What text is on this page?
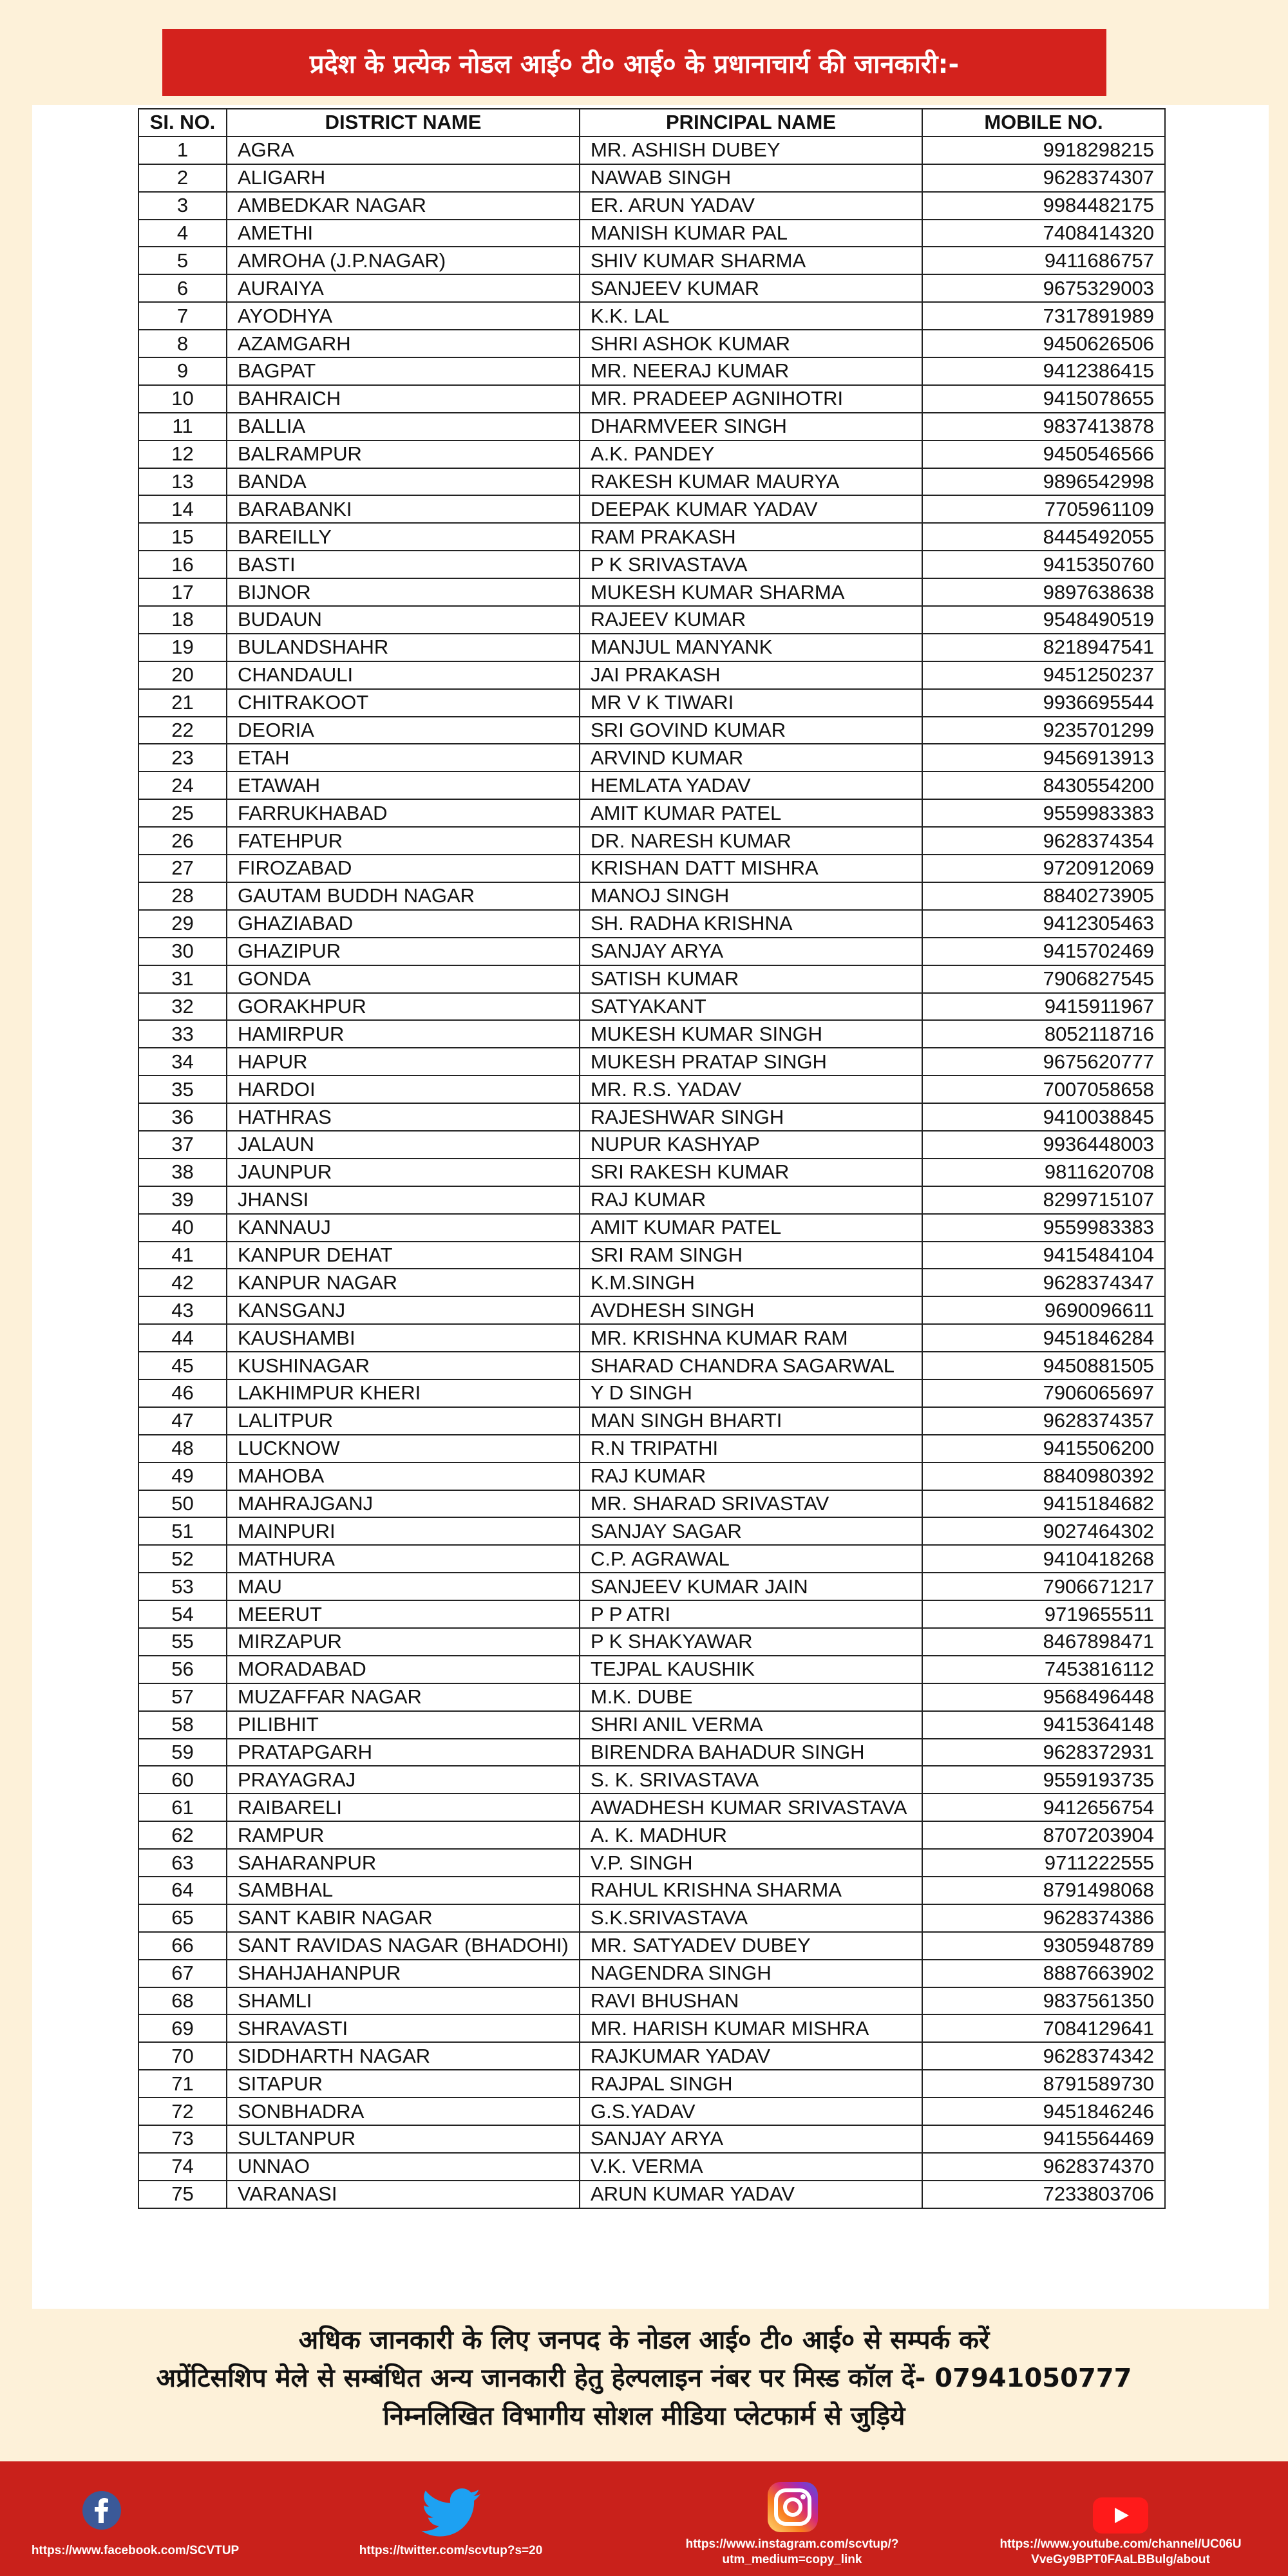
प्रदेश के प्रत्येक नोडल आई० टी० आई० के प्रधानाचार्य की जानकारी:-
SI. NO.	DISTRICT NAME	PRINCIPAL NAME	MOBILE NO.
1	AGRA	MR. ASHISH DUBEY	9918298215
2	ALIGARH	NAWAB SINGH	9628374307
3	AMBEDKAR NAGAR	ER. ARUN YADAV	9984482175
4	AMETHI	MANISH KUMAR PAL	7408414320
5	AMROHA (J.P.NAGAR)	SHIV KUMAR SHARMA	9411686757
6	AURAIYA	SANJEEV KUMAR	9675329003
7	AYODHYA	K.K. LAL	7317891989
8	AZAMGARH	SHRI ASHOK KUMAR	9450626506
9	BAGPAT	MR. NEERAJ KUMAR	9412386415
10	BAHRAICH	MR. PRADEEP AGNIHOTRI	9415078655
11	BALLIA	DHARMVEER SINGH	9837413878
12	BALRAMPUR	A.K. PANDEY	9450546566
13	BANDA	RAKESH KUMAR MAURYA	9896542998
14	BARABANKI	DEEPAK KUMAR YADAV	7705961109
15	BAREILLY	RAM PRAKASH	8445492055
16	BASTI	P K SRIVASTAVA	9415350760
17	BIJNOR	MUKESH KUMAR SHARMA	9897638638
18	BUDAUN	RAJEEV KUMAR	9548490519
19	BULANDSHAHR	MANJUL MANYANK	8218947541
20	CHANDAULI	JAI PRAKASH	9451250237
21	CHITRAKOOT	MR V K TIWARI	9936695544
22	DEORIA	SRI GOVIND KUMAR	9235701299
23	ETAH	ARVIND KUMAR	9456913913
24	ETAWAH	HEMLATA YADAV	8430554200
25	FARRUKHABAD	AMIT KUMAR PATEL	9559983383
26	FATEHPUR	DR. NARESH KUMAR	9628374354
27	FIROZABAD	KRISHAN DATT MISHRA	9720912069
28	GAUTAM BUDDH NAGAR	MANOJ SINGH	8840273905
29	GHAZIABAD	SH. RADHA KRISHNA	9412305463
30	GHAZIPUR	SANJAY ARYA	9415702469
31	GONDA	SATISH KUMAR	7906827545
32	GORAKHPUR	SATYAKANT	9415911967
33	HAMIRPUR	MUKESH KUMAR SINGH	8052118716
34	HAPUR	MUKESH PRATAP SINGH	9675620777
35	HARDOI	MR. R.S. YADAV	7007058658
36	HATHRAS	RAJESHWAR SINGH	9410038845
37	JALAUN	NUPUR KASHYAP	9936448003
38	JAUNPUR	SRI RAKESH KUMAR	9811620708
39	JHANSI	RAJ KUMAR	8299715107
40	KANNAUJ	AMIT KUMAR PATEL	9559983383
41	KANPUR DEHAT	SRI RAM SINGH	9415484104
42	KANPUR NAGAR	K.M.SINGH	9628374347
43	KANSGANJ	AVDHESH SINGH	9690096611
44	KAUSHAMBI	MR. KRISHNA KUMAR RAM	9451846284
45	KUSHINAGAR	SHARAD CHANDRA SAGARWAL	9450881505
46	LAKHIMPUR KHERI	Y D SINGH	7906065697
47	LALITPUR	MAN SINGH BHARTI	9628374357
48	LUCKNOW	R.N TRIPATHI	9415506200
49	MAHOBA	RAJ KUMAR	8840980392
50	MAHRAJGANJ	MR. SHARAD SRIVASTAV	9415184682
51	MAINPURI	SANJAY SAGAR	9027464302
52	MATHURA	C.P. AGRAWAL	9410418268
53	MAU	SANJEEV KUMAR JAIN	7906671217
54	MEERUT	P P ATRI	9719655511
55	MIRZAPUR	P K SHAKYAWAR	8467898471
56	MORADABAD	TEJPAL KAUSHIK	7453816112
57	MUZAFFAR NAGAR	M.K. DUBE	9568496448
58	PILIBHIT	SHRI ANIL VERMA	9415364148
59	PRATAPGARH	BIRENDRA BAHADUR SINGH	9628372931
60	PRAYAGRAJ	S. K. SRIVASTAVA	9559193735
61	RAIBARELI	AWADHESH KUMAR SRIVASTAVA	9412656754
62	RAMPUR	A. K. MADHUR	8707203904
63	SAHARANPUR	V.P. SINGH	9711222555
64	SAMBHAL	RAHUL KRISHNA SHARMA	8791498068
65	SANT KABIR NAGAR	S.K.SRIVASTAVA	9628374386
66	SANT RAVIDAS NAGAR (BHADOHI)	MR. SATYADEV DUBEY	9305948789
67	SHAHJAHANPUR	NAGENDRA SINGH	8887663902
68	SHAMLI	RAVI BHUSHAN	9837561350
69	SHRAVASTI	MR. HARISH KUMAR MISHRA	7084129641
70	SIDDHARTH NAGAR	RAJKUMAR YADAV	9628374342
71	SITAPUR	RAJPAL SINGH	8791589730
72	SONBHADRA	G.S.YADAV	9451846246
73	SULTANPUR	SANJAY ARYA	9415564469
74	UNNAO	V.K. VERMA	9628374370
75	VARANASI	ARUN KUMAR YADAV	7233803706
अधिक जानकारी के लिए जनपद के नोडल आई० टी० आई० से सम्पर्क करें
अप्रेंटिसशिप मेले से सम्बंधित अन्य जानकारी हेतु हेल्पलाइन नंबर पर मिस्ड कॉल दें- 07941050777
निम्नलिखित विभागीय सोशल मीडिया प्लेटफार्म से जुड़िये
https://www.facebook.com/SCVTUP	https://twitter.com/scvtup?s=20	https://www.instagram.com/scvtup/?
utm_medium=copy_link
https://www.youtube.com/channel/UC06U
VveGy9BPT0FAaLBBulg/about
